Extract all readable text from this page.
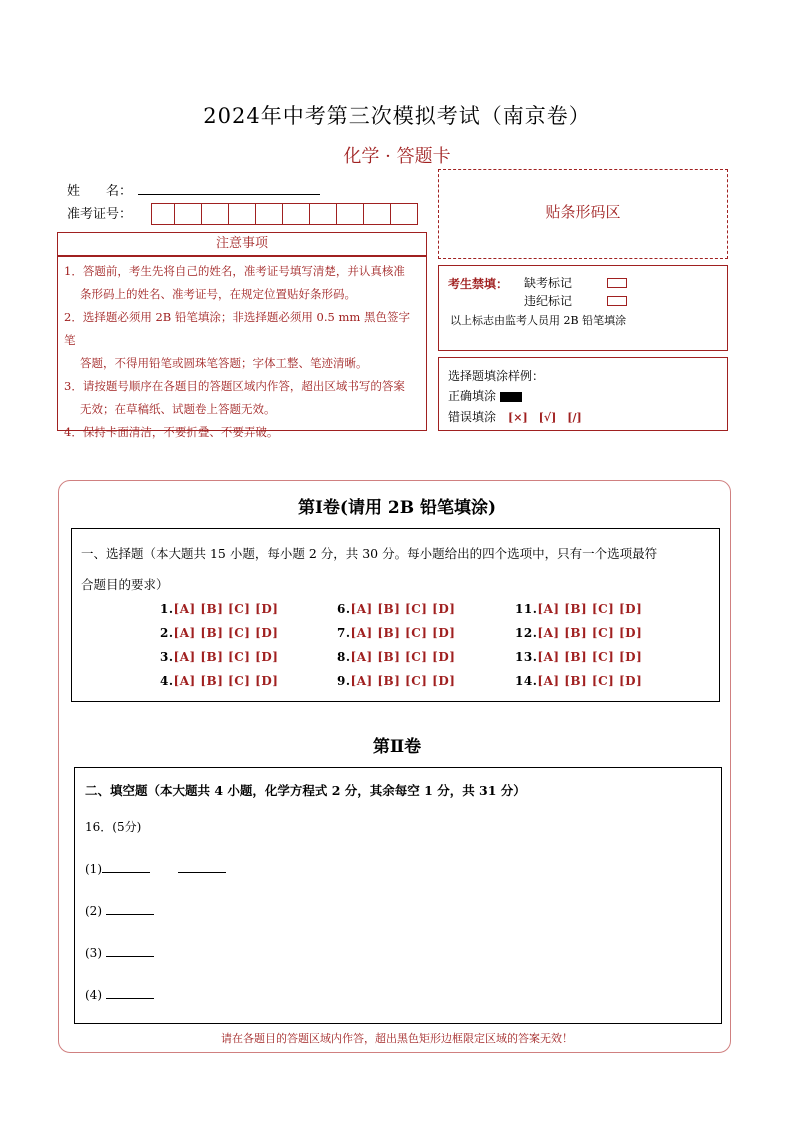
2024年中考第三次模拟考试（南京卷）
化学 · 答题卡
姓　　名：
准考证号：
注意事项

1．答题前，考生先将自己的姓名，准考证号填写清楚，并认真核准

条形码上的姓名、准考证号，在规定位置贴好条形码。

2．选择题必须用 2B 铅笔填涂；非选择题必须用 0.5 mm 黑色签字笔

答题，不得用铅笔或圆珠笔答题；字体工整、笔迹清晰。

3．请按题号顺序在各题目的答题区域内作答，超出区域书写的答案

无效；在草稿纸、试题卷上答题无效。

4．保持卡面清洁，不要折叠、不要弄破。

贴条形码区
考生禁填： 缺考标记
违纪标记
以上标志由监考人员用 2B 铅笔填涂
选择题填涂样例：
正确填涂
错误填涂　 [×]　[√]　[/]
第Ⅰ卷(请用 2B 铅笔填涂)
一、选择题（本大题共 15 小题，每小题 2 分，共 30 分。每小题给出的四个选项中，只有一个选项最符
合题目的要求）
1.[A] [B] [C] [D]
2.[A] [B] [C] [D]
3.[A] [B] [C] [D]
4.[A] [B] [C] [D]
6.[A] [B] [C] [D]
7.[A] [B] [C] [D]
8.[A] [B] [C] [D]
9.[A] [B] [C] [D]
11.[A] [B] [C] [D]
12.[A] [B] [C] [D]
13.[A] [B] [C] [D]
14.[A] [B] [C] [D]
第Ⅱ卷
二、填空题（本大题共 4 小题，化学方程式 2 分，其余每空 1 分，共 31 分）
16．(5分)
(1)
(2)
(3)
(4)
请在各题目的答题区域内作答，超出黑色矩形边框限定区域的答案无效！
